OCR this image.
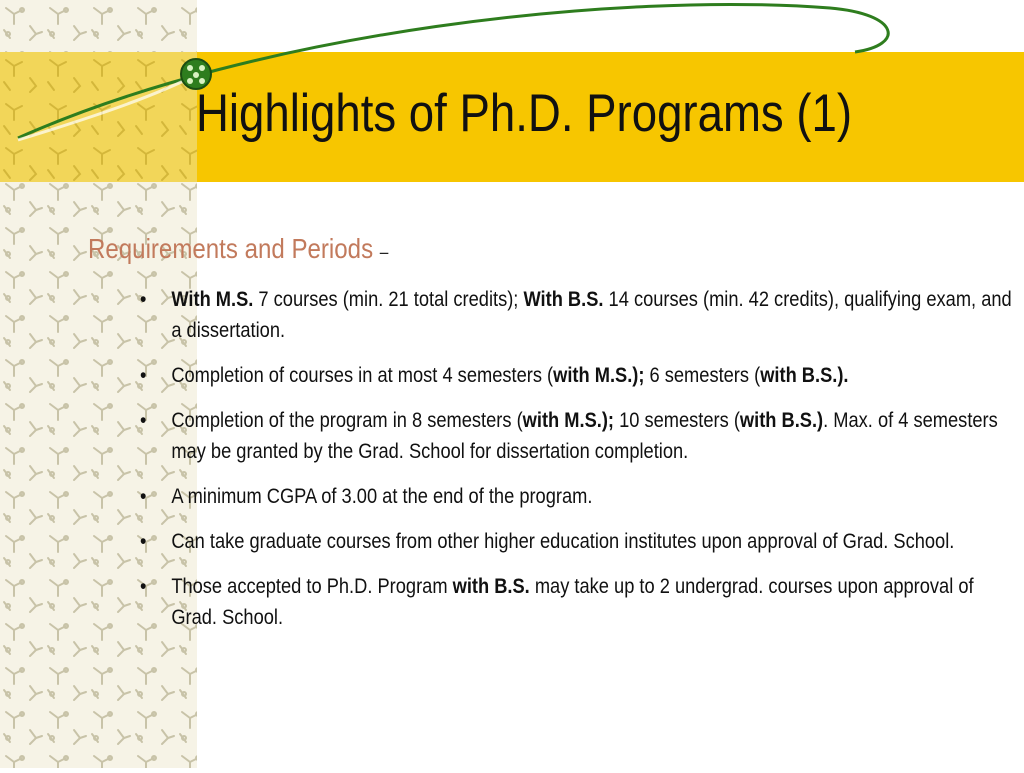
Highlights of Ph.D. Programs (1)
Requirements and Periods –
• With M.S. 7 courses (min. 21 total credits); With B.S. 14 courses (min. 42 credits), qualifying exam, and a dissertation.
• Completion of courses in at most 4 semesters (with M.S.); 6 semesters (with B.S.).
• Completion of the program in 8 semesters (with M.S.); 10 semesters (with B.S.). Max. of 4 semesters may be granted by the Grad. School for dissertation completion.
• A minimum CGPA of 3.00 at the end of the program.
• Can take graduate courses from other higher education institutes upon approval of Grad. School.
• Those accepted to Ph.D. Program with B.S. may take up to 2 undergrad. courses upon approval of Grad. School.
